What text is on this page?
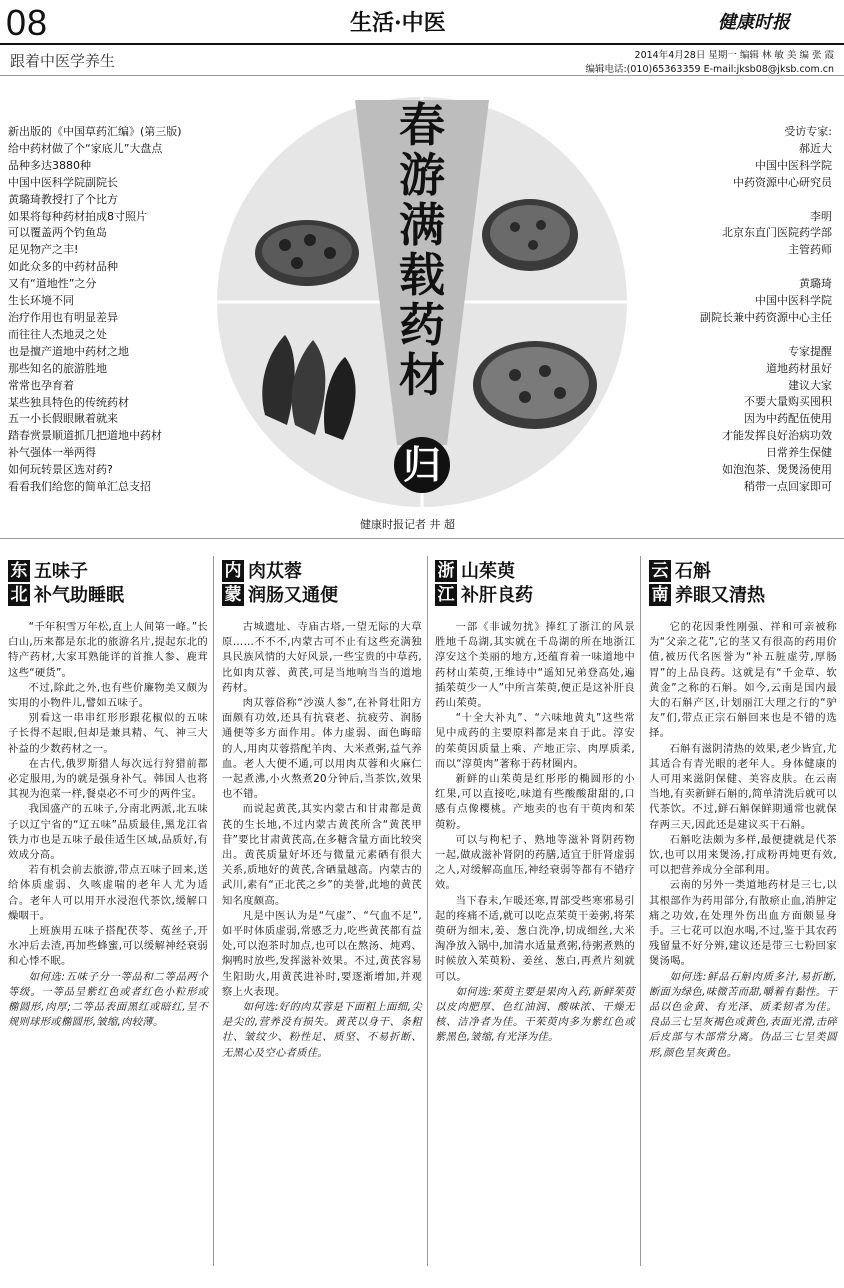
08	生活·中医	健康时报
跟着中医学养生	2014年4月28日 星期一 编辑 林 敏 美 编 张 霞
编辑电话:(010)65363359 E-mail:jksb08@jksb.com.cn
春游满载药材
归
新出版的《中国草药汇编》(第三版)
给中药材做了个“家底儿”大盘点
品种多达3880种
中国中医科学院副院长
黄璐琦教授打了个比方
如果将每种药材拍成8寸照片
可以覆盖两个钓鱼岛
足见物产之丰!
如此众多的中药材品种
又有“道地性”之分
生长环境不同
治疗作用也有明显差异
而往往人杰地灵之处
也是擅产道地中药材之地
那些知名的旅游胜地
常常也孕育着
某些独具特色的传统药材
五一小长假眼瞅着就来
踏春赏景顺道抓几把道地中药材
补气强体一举两得
如何玩转景区选对药?
看看我们给您的简单汇总支招
受访专家:
郝近大
中国中医科学院
中药资源中心研究员
李明
北京东直门医院药学部
主管药师
黄璐琦
中国中医科学院
副院长兼中药资源中心主任
专家提醒
道地药材虽好
建议大家
不要大量购买囤积
因为中药配伍使用
才能发挥良好治病功效
日常养生保健
如泡泡茶、煲煲汤使用
稍带一点回家即可
健康时报记者 井 超
东
北
五味子
补气助睡眠

“千年积雪万年松,直上人间第一峰。”长白山,历来都是东北的旅游名片,提起东北的特产药材,大家耳熟能详的首推人参、鹿茸这些“硬货”。

不过,除此之外,也有些价廉物美又颇为实用的小物件儿,譬如五味子。

别看这一串串红形形跟花椒似的五味子长得不起眼,但却是兼具精、气、神三大补益的少数药材之一。

在古代,俄罗斯猎人每次远行狩猎前都必定服用,为的就是强身补气。韩国人也将其视为泡菜一样,餐桌必不可少的两件宝。

我国盛产的五味子,分南北两派,北五味子以辽宁省的“辽五味”品质最佳,黑龙江省铁力市也是五味子最佳适生区域,品质好,有效成分高。

若有机会前去旅游,带点五味子回来,送给体质虚弱、久咳虚喘的老年人尤为适合。老年人可以用开水浸泡代茶饮,缓解口燥咽干。

上班族用五味子搭配茯苓、菟丝子,开水冲后去渣,再加些蜂蜜,可以缓解神经衰弱和心悸不眠。

如何选:五味子分一等品和二等品两个等级。一等品呈紫红色或者红色小粒形或椭圆形,肉厚;二等品表面黑红或暗红,呈不规则球形或椭圆形,皱缩,肉较薄。

内
蒙
肉苁蓉
润肠又通便

古城遗址、寺庙古塔,一望无际的大草原……不不不,内蒙古可不止有这些充满独具民族风情的大好风景,一些宝贵的中草药,比如肉苁蓉、黄芪,可是当地响当当的道地药材。

肉苁蓉俗称“沙漠人参”,在补肾壮阳方面颇有功效,还具有抗衰老、抗疲劳、润肠通便等多方面作用。体力虚弱、面色晦暗的人,用肉苁蓉搭配羊肉、大米煮粥,益气养血。老人大便不通,可以用肉苁蓉和火麻仁一起煮沸,小火熬煮20分钟后,当茶饮,效果也不错。

而说起黄芪,其实内蒙古和甘肃都是黄芪的生长地,不过内蒙古黄芪所含“黄芪甲苷”要比甘肃黄芪高,在多糖含量方面比较突出。黄芪质量好坏还与微量元素硒有很大关系,质地好的黄芪,含硒量越高。内蒙古的武川,素有“正北芪之乡”的美誉,此地的黄芪知名度颇高。

凡是中医认为是“气虚”、“气血不足”,如平时体质虚弱,常感乏力,吃些黄芪都有益处,可以泡茶时加点,也可以在熬汤、炖鸡、焖鸭时放些,发挥滋补效果。不过,黄芪容易生阳助火,用黄芪进补时,要逐渐增加,并观察上火表现。

如何选:好的肉苁蓉是下面粗上面细,尖是尖的,营养没有损失。黄芪以身干、条粗壮、皱纹少、粉性足、质坚、不易折断、无黑心及空心者质佳。

浙
江
山茱萸
补肝良药

一部《非诚勿扰》捧红了浙江的风景胜地千岛湖,其实就在千岛湖的所在地浙江淳安这个美丽的地方,还蕴育着一味道地中药材山茱萸,王维诗中“遥知兄弟登高处,遍插茱萸少一人”中所言茱萸,便正是这补肝良药山茱萸。

“十全大补丸”、“六味地黄丸”这些常见中成药的主要原料都是来自于此。淳安的茱萸因质量上乘、产地正宗、肉厚质柔,而以“淳萸肉”著称于药材圈内。

新鲜的山茱萸是红彤彤的椭圆形的小红果,可以直接吃,味道有些酸酸甜甜的,口感有点像樱桃。产地卖的也有干萸肉和茱萸粉。

可以与枸杞子、熟地等滋补肾阴药物一起,做成滋补肾阴的药膳,适宜于肝肾虚弱之人,对缓解高血压,神经衰弱等都有不错疗效。

当下春末,乍暖还寒,胃部受些寒邪易引起的疼痛不适,就可以吃点茱萸干姜粥,将茱萸研为细末,姜、葱白洗净,切成细丝,大米淘净放入锅中,加清水适量煮粥,待粥煮熟的时候放入茱萸粉、姜丝、葱白,再煮片刻就可以。

如何选:茱萸主要是果肉入药,新鲜茱萸以皮肉肥厚、色红油润、酸味浓、干燥无核、洁净者为佳。干茱萸肉多为紫红色或紫黑色,皱缩,有光泽为佳。

云
南
石斛
养眼又清热

它的花因秉性刚强、祥和可亲被称为“父亲之花”,它的茎又有很高的药用价值,被历代名医誉为“补五脏虚劳,厚肠胃”的上品良药。这就是有“千金草、软黄金”之称的石斛。如今,云南是国内最大的石斛产区,计划丽江大理之行的“驴友”们,带点正宗石斛回来也是不错的选择。

石斛有滋阴清热的效果,老少皆宜,尤其适合有青光眼的老年人。身体健康的人可用来滋阴保健、美容皮肤。在云南当地,有卖新鲜石斛的,简单清洗后就可以代茶饮。不过,鲜石斛保鲜期通常也就保存两三天,因此还是建议买干石斛。

石斛吃法颇为多样,最便捷就是代茶饮,也可以用来煲汤,打成粉再炖更有效,可以把营养成分全部利用。

云南的另外一类道地药材是三七,以其根部作为药用部分,有散瘀止血,消肿定痛之功效,在处理外伤出血方面颇显身手。三七花可以泡水喝,不过,鉴于其农药残留量不好分辨,建议还是带三七粉回家煲汤喝。

如何选:鲜品石斛肉质多汁,易折断,断面为绿色,味微苦而甜,嚼着有黏性。干品以色金黄、有光泽、质柔韧者为佳。良品三七呈灰褐色或黄色,表面光滑,击碎后皮部与木部常分离。伪品三七呈类圆形,颜色呈灰黄色。
